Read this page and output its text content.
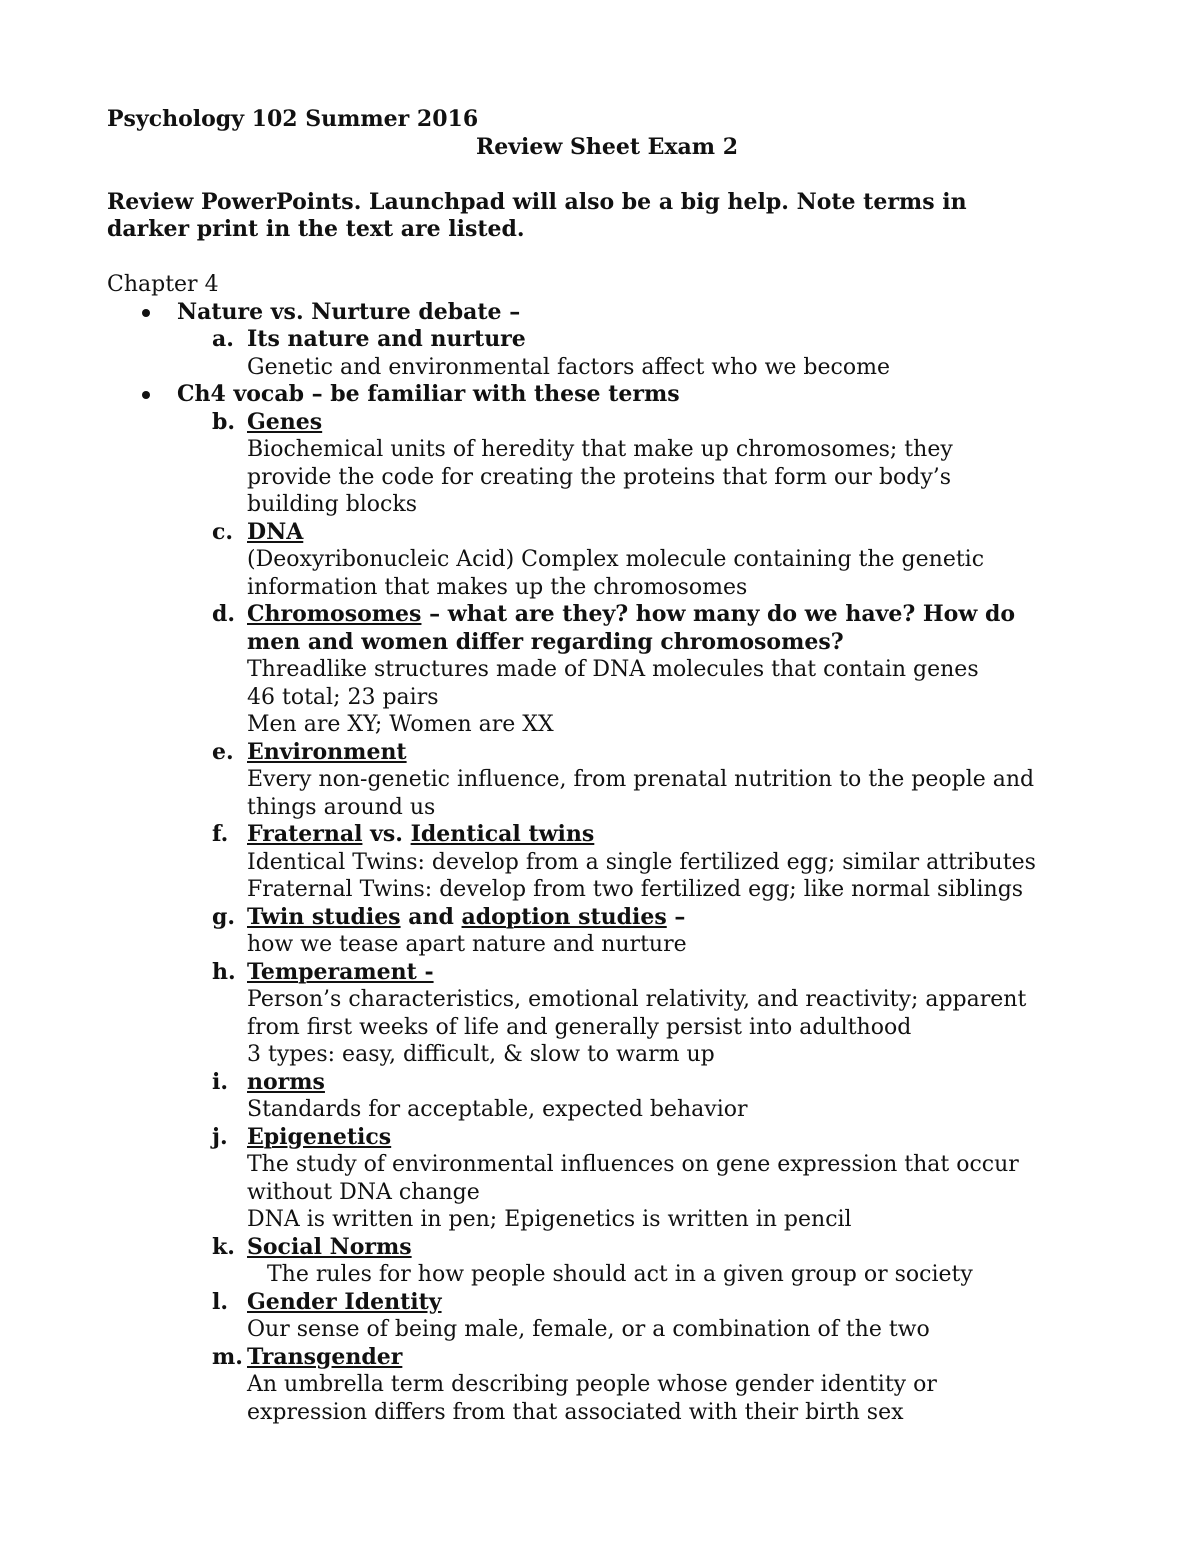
Psychology 102 Summer 2016
Review Sheet Exam 2
Review PowerPoints. Launchpad will also be a big help. Note terms in
darker print in the text are listed.
Chapter 4
Nature vs. Nurture debate –
a. Its nature and nurture
Genetic and environmental factors affect who we become
Ch4 vocab – be familiar with these terms
b. Genes
Biochemical units of heredity that make up chromosomes; they
provide the code for creating the proteins that form our body’s
building blocks
c. DNA
(Deoxyribonucleic Acid) Complex molecule containing the genetic
information that makes up the chromosomes
d. Chromosomes – what are they? how many do we have? How do
men and women differ regarding chromosomes?
Threadlike structures made of DNA molecules that contain genes
46 total; 23 pairs
Men are XY; Women are XX
e. Environment
Every non-genetic influence, from prenatal nutrition to the people and
things around us
f. Fraternal vs. Identical twins
Identical Twins: develop from a single fertilized egg; similar attributes
Fraternal Twins: develop from two fertilized egg; like normal siblings
g. Twin studies and adoption studies –
how we tease apart nature and nurture
h. Temperament -
Person’s characteristics, emotional relativity, and reactivity; apparent
from first weeks of life and generally persist into adulthood
3 types: easy, difficult, & slow to warm up
i. norms
Standards for acceptable, expected behavior
j. Epigenetics
The study of environmental influences on gene expression that occur
without DNA change
DNA is written in pen; Epigenetics is written in pencil
k. Social Norms
The rules for how people should act in a given group or society
l. Gender Identity
Our sense of being male, female, or a combination of the two
m. Transgender
An umbrella term describing people whose gender identity or
expression differs from that associated with their birth sex
